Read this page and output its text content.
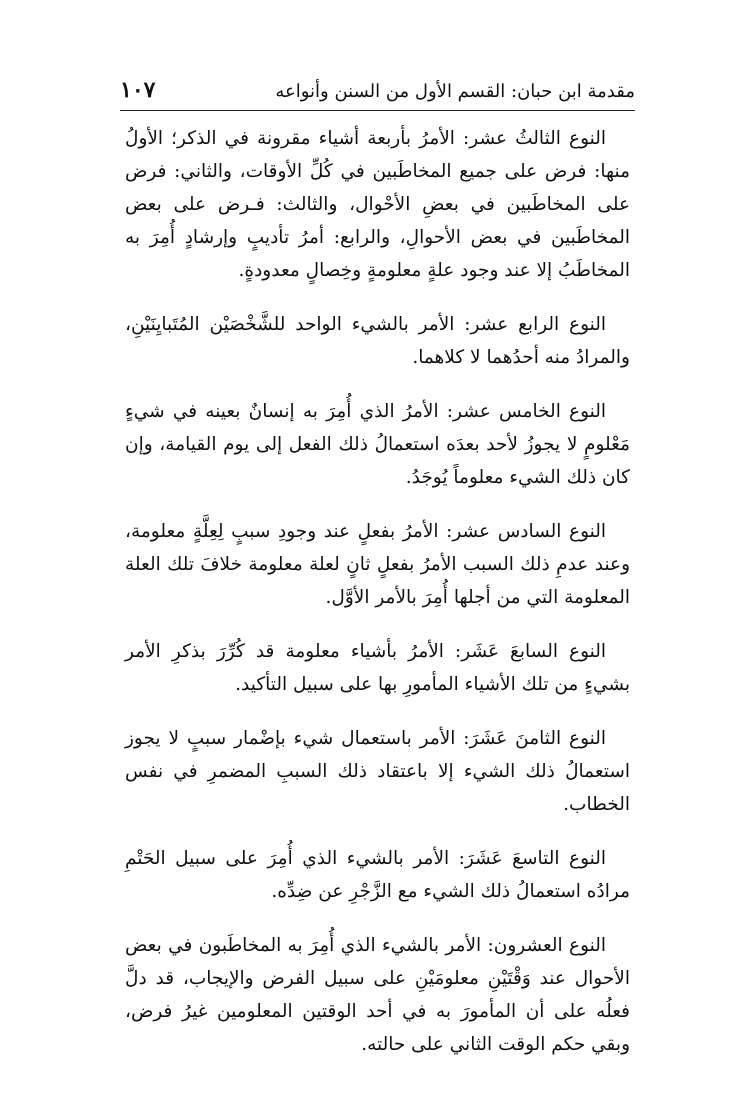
مقدمة ابن حبان: القسم الأول من السنن وأنواعه
١٠٧

النوع الثالثُ عشر: الأمرُ بأربعة أشياء مقرونة في الذكر؛ الأولُ منها: فرض على جميع المخاطَبين في كُلِّ الأوقات، والثاني: فرض على المخاطَبين في بعضِ الأحْوال، والثالث: فـرض على بعض المخاطَبين في بعض الأحوالِ، والرابع: أمرُ تأديبٍ وإرشادٍ أُمِرَ به المخاطَبُ إلا عند وجود علةٍ معلومةٍ وخِصالٍ معدودةٍ.

النوع الرابع عشر: الأمر بالشيء الواحد للشَّخْصَيْن المُتَبايِنَيْنِ، والمرادُ منه أحدُهما لا كلاهما.

النوع الخامس عشر: الأمرُ الذي أُمِرَ به إنسانٌ بعينه في شيءٍ مَعْلومٍ لا يجوزُ لأحد بعدَه استعمالُ ذلك الفعل إلى يوم القيامة، وإن كان ذلك الشيء معلوماً يُوجَدُ.

النوع السادس عشر: الأمرُ بفعلٍ عند وجودِ سببٍ لِعِلَّةٍ معلومة، وعند عدمِ ذلك السبب الأمرُ بفعلٍ ثانٍ لعلة معلومة خلافَ تلك العلة المعلومة التي من أجلها أُمِرَ بالأمر الأوَّل.

النوع السابعَ عَشَر: الأمرُ بأشياء معلومة قد كُرِّرَ بذكرِ الأمر بشيءٍ من تلك الأشياء المأمورِ بها على سبيل التأكيد.

النوع الثامنَ عَشَرَ: الأمر باستعمال شيء بإضْمار سببٍ لا يجوز استعمالُ ذلك الشيء إلا باعتقاد ذلك السببِ المضمرِ في نفس الخطاب.

النوع التاسعَ عَشَرَ: الأمر بالشيء الذي أُمِرَ على سبيل الحَتْمِ مرادُه استعمالُ ذلك الشيء مع الزَّجْرِ عن ضِدِّه.

النوع العشرون: الأمر بالشيء الذي أُمِرَ به المخاطَبون في بعض الأحوال عند وَقْتَيْنِ معلومَيْنِ على سبيل الفرض والإيجاب، قد دلَّ فعلُه على أن المأمورَ به في أحد الوقتين المعلومين غيرُ فرض، وبقي حكم الوقت الثاني على حالته.
